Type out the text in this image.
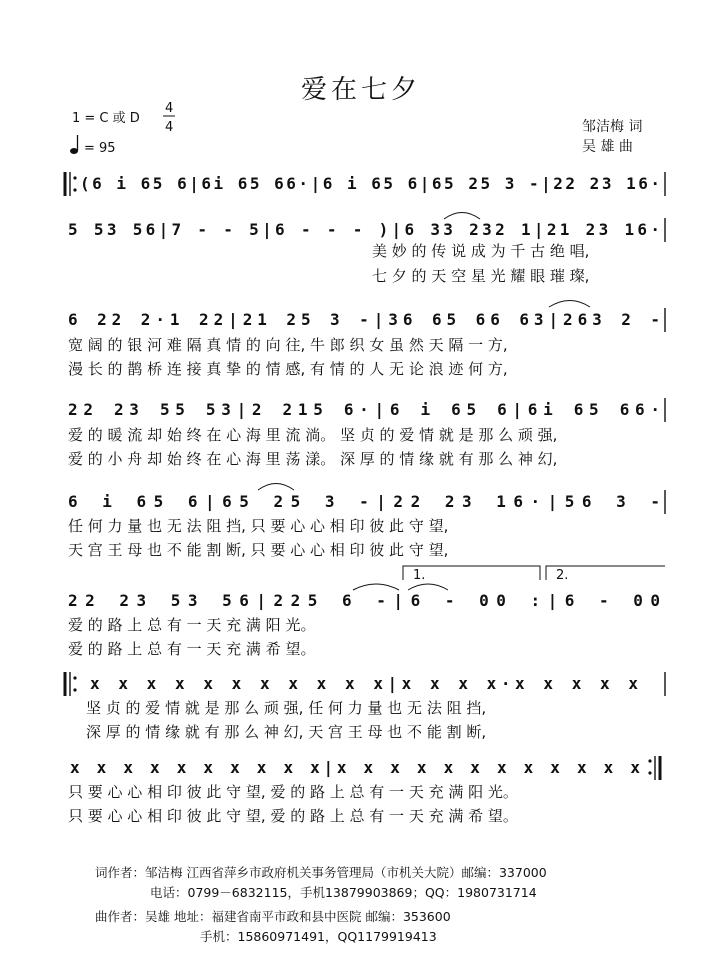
爱在七夕
1 = C 或 D
4
4
= 95
邹洁梅 词
吴 雄 曲
(6 i 65 6|6i 65 66·|6 i 65 6|65 25 3 -|22 23 16·
5 53 56|7 - - 5|6 - - - )|6 33 232 1|21 23 16·
美 妙 的 传 说 成 为 千 古 绝 唱,
七 夕 的 天 空 星 光 耀 眼 璀 璨,
6 22 2·1 22|21 25 3 -|36 65 66 63|263 2 -
宽 阔 的 银 河 难 隔 真 情 的 向 往, 牛 郎 织 女 虽 然 天 隔 一 方,
漫 长 的 鹊 桥 连 接 真 挚 的 情 感, 有 情 的 人 无 论 浪 迹 何 方,
22 23 55 53|2 215 6·|6 i 65 6|6i 65 66·
爱 的 暖 流 却 始 终 在 心 海 里 流 淌。 坚 贞 的 爱 情 就 是 那 么 顽 强,
爱 的 小 舟 却 始 终 在 心 海 里 荡 漾。 深 厚 的 情 缘 就 有 那 么 神 幻,
6 i 65 6|65 25 3 -|22 23 16·|56 3 -
任 何 力 量 也 无 法 阻 挡, 只 要 心 心 相 印 彼 此 守 望,
天 宫 王 母 也 不 能 割 断, 只 要 心 心 相 印 彼 此 守 望,
1.	2.
22 23 53 56|225 6 -|6 - 00 :|6 - 00
爱 的 路 上 总 有 一 天 充 满 阳 光。
爱 的 路 上 总 有 一 天 充 满 希 望。
x x x x x x x x x x x|x x x x·x x x x x
坚 贞 的 爱 情 就 是 那 么 顽 强, 任 何 力 量 也 无 法 阻 挡,
深 厚 的 情 缘 就 有 那 么 神 幻, 天 宫 王 母 也 不 能 割 断,
x x x x x x x x x x|x x x x x x x x x x x x
只 要 心 心 相 印 彼 此 守 望, 爱 的 路 上 总 有 一 天 充 满 阳 光。
只 要 心 心 相 印 彼 此 守 望, 爱 的 路 上 总 有 一 天 充 满 希 望。
词作者：邹洁梅 江西省萍乡市政府机关事务管理局（市机关大院）邮编：337000
电话：0799－6832115，手机13879903869；QQ：1980731714
曲作者：吴雄 地址：福建省南平市政和县中医院 邮编：353600
手机：15860971491，QQ1179919413
